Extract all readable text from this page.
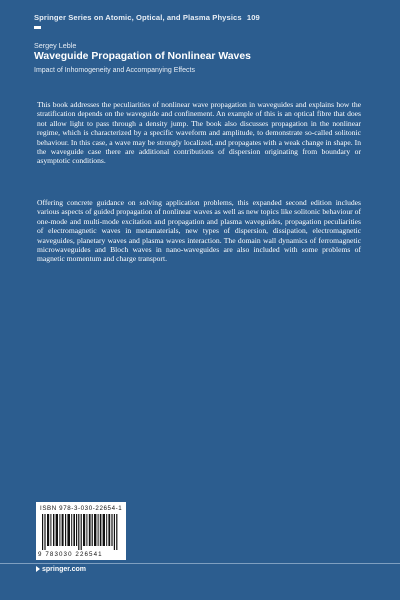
Springer Series on Atomic, Optical, and Plasma Physics 109
Sergey Leble
Waveguide Propagation of Nonlinear Waves
Impact of Inhomogeneity and Accompanying Effects

This book addresses the peculiarities of nonlinear wave propagation in waveguides and explains how the stratification depends on the waveguide and confinement. An example of this is an optical fibre that does not allow light to pass through a density jump. The book also discusses propagation in the nonlinear regime, which is characterized by a specific waveform and amplitude, to demonstrate so-called solitonic behaviour. In this case, a wave may be strongly localized, and propagates with a weak change in shape. In the waveguide case there are additional contributions of dispersion originating from boundary or asymptotic conditions.

Offering concrete guidance on solving application problems, this expanded second edition includes various aspects of guided propagation of nonlinear waves as well as new topics like solitonic behaviour of one-mode and multi-mode excitation and propagation and plasma waveguides, propagation peculiarities of electromagnetic waves in metamaterials, new types of dispersion, dissipation, electromagnetic waveguides, planetary waves and plasma waves interaction. The domain wall dynamics of ferromagnetic microwaveguides and Bloch waves in nano-waveguides are also included with some problems of magnetic momentum and charge transport.

ISBN 978-3-030-22654-1
9 783030 226541
springer.com
